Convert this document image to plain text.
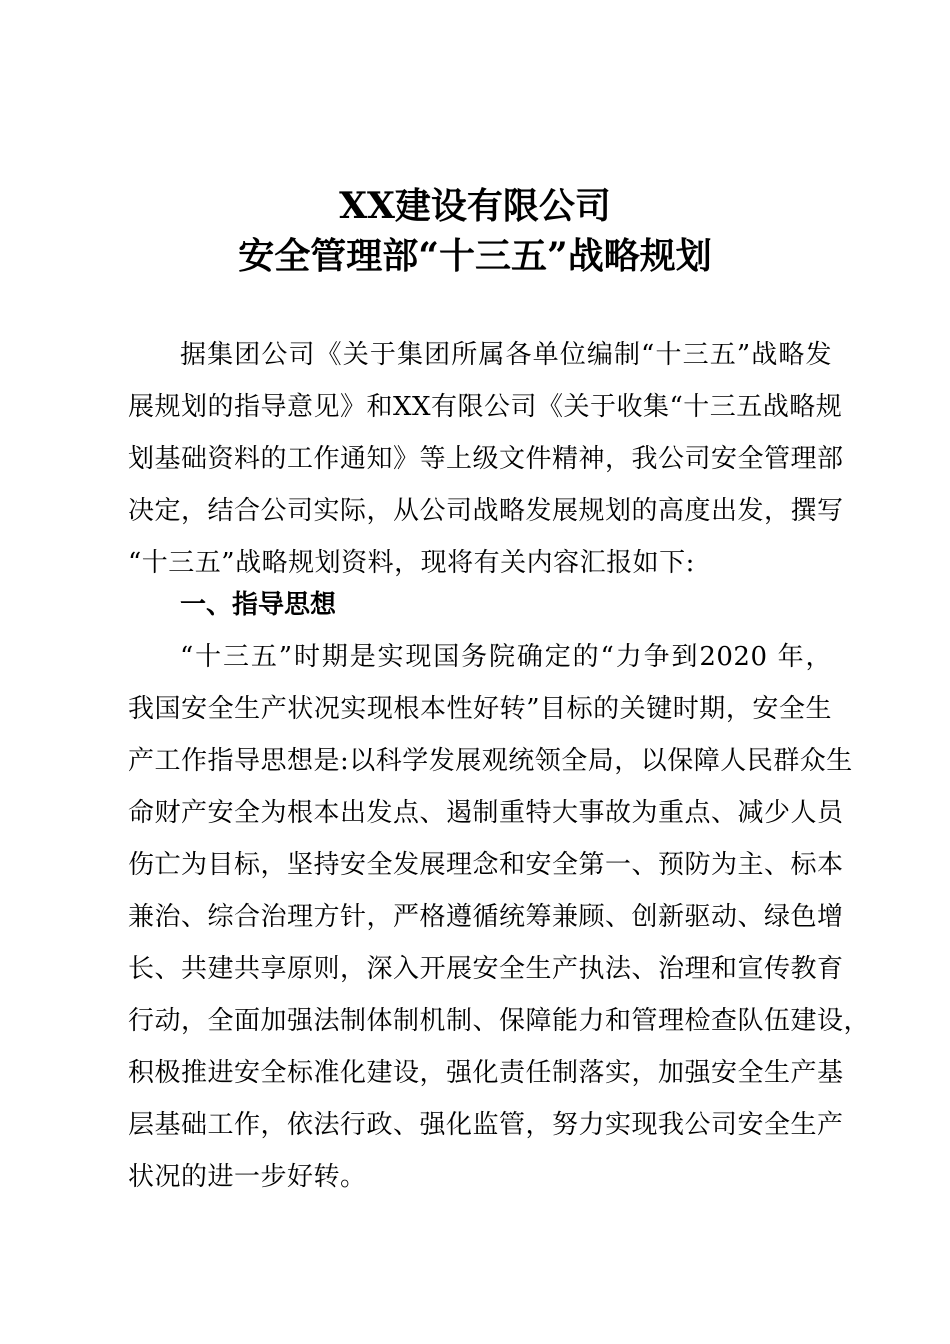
XX建设有限公司
安全管理部“十三五”战略规划
据集团公司《关于集团所属各单位编制“十三五”战略发
展规划的指导意见》和XX有限公司《关于收集“十三五战略规
划基础资料的工作通知》等上级文件精神，我公司安全管理部
决定，结合公司实际，从公司战略发展规划的高度出发，撰写
“十三五”战略规划资料，现将有关内容汇报如下:
一、指导思想
“十三五”时期是实现国务院确定的“力争到2020 年，
我国安全生产状况实现根本性好转”目标的关键时期，安全生
产工作指导思想是:以科学发展观统领全局，以保障人民群众生
命财产安全为根本出发点、遏制重特大事故为重点、减少人员
伤亡为目标，坚持安全发展理念和安全第一、预防为主、标本
兼治、综合治理方针，严格遵循统筹兼顾、创新驱动、绿色增
长、共建共享原则，深入开展安全生产执法、治理和宣传教育
行动，全面加强法制体制机制、保障能力和管理检查队伍建设，
积极推进安全标准化建设，强化责任制落实，加强安全生产基
层基础工作，依法行政、强化监管，努力实现我公司安全生产
状况的进一步好转。
